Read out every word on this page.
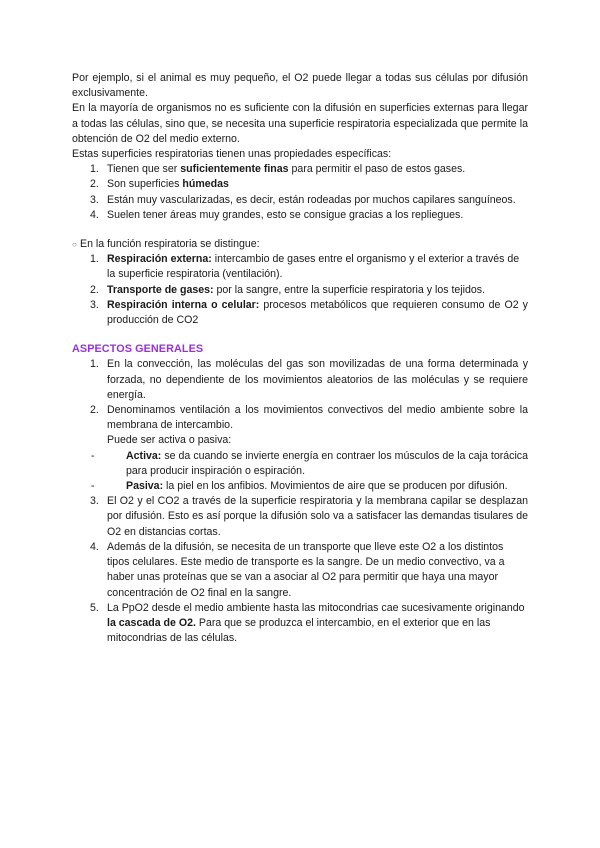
Por ejemplo, si el animal es muy pequeño, el O2 puede llegar a todas sus células por difusión exclusivamente.

En la mayoría de organismos no es suficiente con la difusión en superficies externas para llegar a todas las células, sino que, se necesita una superficie respiratoria especializada que permite la obtención de O2 del medio externo.

Estas superficies respiratorias tienen unas propiedades específicas:

1. Tienen que ser suficientemente finas para permitir el paso de estos gases.
2. Son superficies húmedas
3. Están muy vascularizadas, es decir, están rodeadas por muchos capilares sanguíneos.
4. Suelen tener áreas muy grandes, esto se consigue gracias a los repliegues.

○ En la función respiratoria se distingue:

1. Respiración externa: intercambio de gases entre el organismo y el exterior a través de la superficie respiratoria (ventilación).
2. Transporte de gases: por la sangre, entre la superficie respiratoria y los tejidos.
3. Respiración interna o celular: procesos metabólicos que requieren consumo de O2 y producción de CO2

ASPECTOS GENERALES

1. En la convección, las moléculas del gas son movilizadas de una forma determinada y forzada, no dependiente de los movimientos aleatorios de las moléculas y se requiere energía.
2. Denominamos ventilación a los movimientos convectivos del medio ambiente sobre la membrana de intercambio.
Puede ser activa o pasiva:
-	Activa: se da cuando se invierte energía en contraer los músculos de la caja torácica para producir inspiración o espiración.
-	Pasiva: la piel en los anfibios. Movimientos de aire que se producen por difusión.
3. El O2 y el CO2 a través de la superficie respiratoria y la membrana capilar se desplazan por difusión. Esto es así porque la difusión solo va a satisfacer las demandas tisulares de O2 en distancias cortas.
4. Además de la difusión, se necesita de un transporte que lleve este O2 a los distintos tipos celulares. Este medio de transporte es la sangre. De un medio convectivo, va a haber unas proteínas que se van a asociar al O2 para permitir que haya una mayor concentración de O2 final en la sangre.
5. La PpO2 desde el medio ambiente hasta las mitocondrias cae sucesivamente originando la cascada de O2. Para que se produzca el intercambio, en el exterior que en las mitocondrias de las células.
